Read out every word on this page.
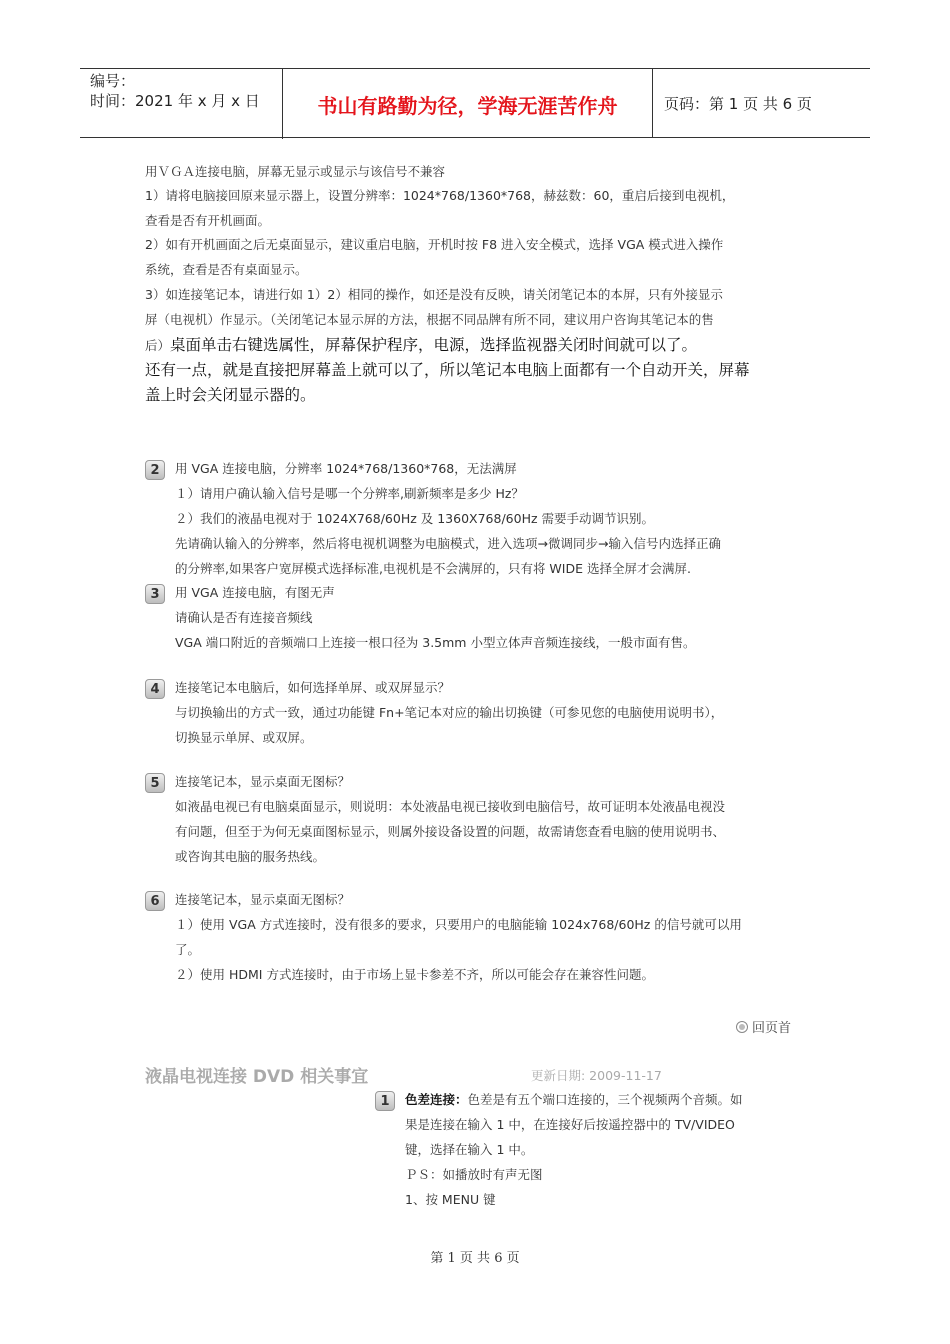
编号：
时间：2021 年 x 月 x 日	书山有路勤为径，学海无涯苦作舟	页码：第 1 页 共 6 页
用ＶＧＡ连接电脑，屏幕无显示或显示与该信号不兼容
1）请将电脑接回原来显示器上，设置分辨率：1024*768/1360*768，赫兹数：60，重启后接到电视机，
查看是否有开机画面。
2）如有开机画面之后无桌面显示，建议重启电脑，开机时按 F8 进入安全模式，选择 VGA 模式进入操作
系统，查看是否有桌面显示。
3）如连接笔记本，请进行如 1）2）相同的操作，如还是没有反映，请关闭笔记本的本屏，只有外接显示
屏（电视机）作显示。（关闭笔记本显示屏的方法，根据不同品牌有所不同，建议用户咨询其笔记本的售
后）桌面单击右键选属性，屏幕保护程序，电源，选择监视器关闭时间就可以了。
还有一点，就是直接把屏幕盖上就可以了，所以笔记本电脑上面都有一个自动开关，屏幕
盖上时会关闭显示器的。
2	用 VGA 连接电脑，分辨率 1024*768/1360*768，无法满屏
１）请用户确认输入信号是哪一个分辨率,刷新频率是多少 Hz？
２）我们的液晶电视对于 1024X768/60Hz 及 1360X768/60Hz 需要手动调节识别。
先请确认输入的分辨率，然后将电视机调整为电脑模式，进入选项→微调同步→输入信号内选择正确
的分辨率,如果客户宽屏模式选择标准,电视机是不会满屏的，只有将 WIDE 选择全屏才会满屏.
3	用 VGA 连接电脑，有图无声
请确认是否有连接音频线
VGA 端口附近的音频端口上连接一根口径为 3.5mm 小型立体声音频连接线，一般市面有售。
4	连接笔记本电脑后，如何选择单屏、或双屏显示？
与切换输出的方式一致，通过功能键 Fn+笔记本对应的输出切换键（可参见您的电脑使用说明书），
切换显示单屏、或双屏。
5	连接笔记本，显示桌面无图标？
如液晶电视已有电脑桌面显示，则说明：本处液晶电视已接收到电脑信号，故可证明本处液晶电视没
有问题，但至于为何无桌面图标显示，则属外接设备设置的问题，故需请您查看电脑的使用说明书、
或咨询其电脑的服务热线。
6	连接笔记本，显示桌面无图标？
１）使用 VGA 方式连接时，没有很多的要求，只要用户的电脑能输 1024x768/60Hz 的信号就可以用
了。
２）使用 HDMI 方式连接时，由于市场上显卡参差不齐，所以可能会存在兼容性问题。
回页首
液晶电视连接 DVD 相关事宜	更新日期: 2009-11-17
1	色差连接：色差是有五个端口连接的，三个视频两个音频。如
果是连接在输入 1 中，在连接好后按遥控器中的 TV/VIDEO
键，选择在输入 1 中。
ＰＳ：如播放时有声无图
1、按 MENU 键
第 1 页 共 6 页
